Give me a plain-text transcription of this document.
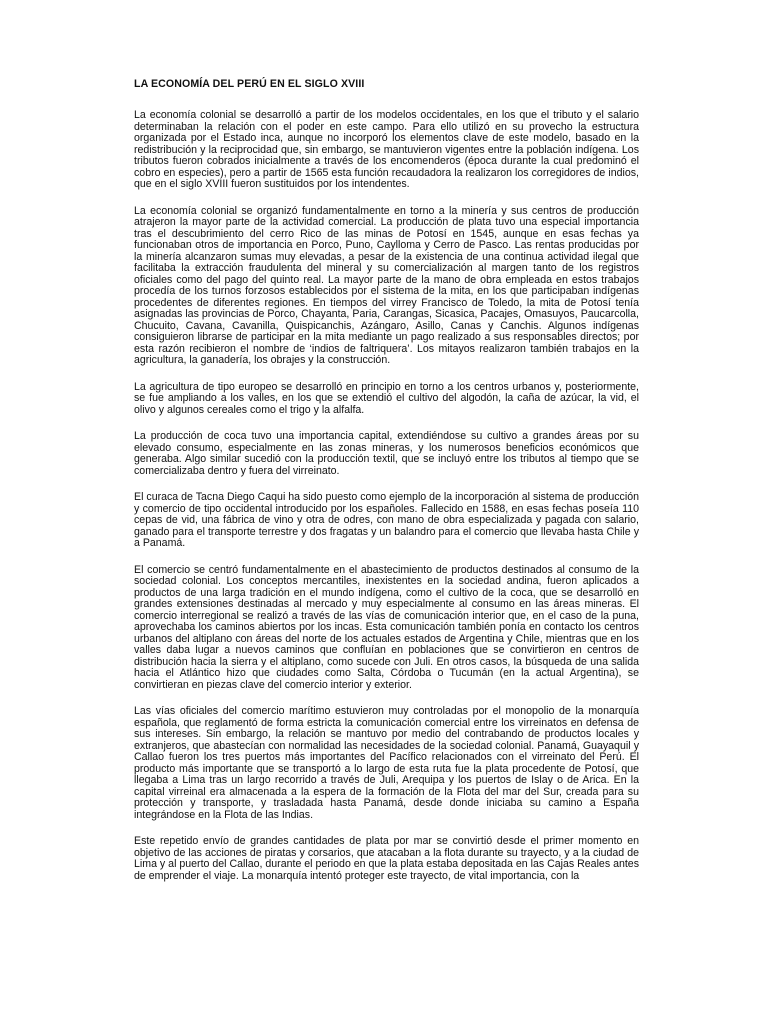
LA ECONOMÍA DEL PERÚ EN EL SIGLO XVIII

La economía colonial se desarrolló a partir de los modelos occidentales, en los que el tributo y el salario determinaban la relación con el poder en este campo. Para ello utilizó en su provecho la estructura organizada por el Estado inca, aunque no incorporó los elementos clave de este modelo, basado en la redistribución y la reciprocidad que, sin embargo, se mantuvieron vigentes entre la población indígena. Los tributos fueron cobrados inicialmente a través de los encomenderos (época durante la cual predominó el cobro en especies), pero a partir de 1565 esta función recaudadora la realizaron los corregidores de indios, que en el siglo XVIII fueron sustituidos por los intendentes.

La economía colonial se organizó fundamentalmente en torno a la minería y sus centros de producción atrajeron la mayor parte de la actividad comercial. La producción de plata tuvo una especial importancia tras el descubrimiento del cerro Rico de las minas de Potosí en 1545, aunque en esas fechas ya funcionaban otros de importancia en Porco, Puno, Caylloma y Cerro de Pasco. Las rentas producidas por la minería alcanzaron sumas muy elevadas, a pesar de la existencia de una continua actividad ilegal que facilitaba la extracción fraudulenta del mineral y su comercialización al margen tanto de los registros oficiales como del pago del quinto real. La mayor parte de la mano de obra empleada en estos trabajos procedía de los turnos forzosos establecidos por el sistema de la mita, en los que participaban indígenas procedentes de diferentes regiones. En tiempos del virrey Francisco de Toledo, la mita de Potosí tenía asignadas las provincias de Porco, Chayanta, Paria, Carangas, Sicasica, Pacajes, Omasuyos, Paucarcolla, Chucuito, Cavana, Cavanilla, Quispicanchis, Azángaro, Asillo, Canas y Canchis. Algunos indígenas consiguieron librarse de participar en la mita mediante un pago realizado a sus responsables directos; por esta razón recibieron el nombre de ‘indios de faltriquera’. Los mitayos realizaron también trabajos en la agricultura, la ganadería, los obrajes y la construcción.

La agricultura de tipo europeo se desarrolló en principio en torno a los centros urbanos y, posteriormente, se fue ampliando a los valles, en los que se extendió el cultivo del algodón, la caña de azúcar, la vid, el olivo y algunos cereales como el trigo y la alfalfa.

La producción de coca tuvo una importancia capital, extendiéndose su cultivo a grandes áreas por su elevado consumo, especialmente en las zonas mineras, y los numerosos beneficios económicos que generaba. Algo similar sucedió con la producción textil, que se incluyó entre los tributos al tiempo que se comercializaba dentro y fuera del virreinato.

El curaca de Tacna Diego Caqui ha sido puesto como ejemplo de la incorporación al sistema de producción y comercio de tipo occidental introducido por los españoles. Fallecido en 1588, en esas fechas poseía 110 cepas de vid, una fábrica de vino y otra de odres, con mano de obra especializada y pagada con salario, ganado para el transporte terrestre y dos fragatas y un balandro para el comercio que llevaba hasta Chile y a Panamá.

El comercio se centró fundamentalmente en el abastecimiento de productos destinados al consumo de la sociedad colonial. Los conceptos mercantiles, inexistentes en la sociedad andina, fueron aplicados a productos de una larga tradición en el mundo indígena, como el cultivo de la coca, que se desarrolló en grandes extensiones destinadas al mercado y muy especialmente al consumo en las áreas mineras. El comercio interregional se realizó a través de las vías de comunicación interior que, en el caso de la puna, aprovechaba los caminos abiertos por los incas. Esta comunicación también ponía en contacto los centros urbanos del altiplano con áreas del norte de los actuales estados de Argentina y Chile, mientras que en los valles daba lugar a nuevos caminos que confluían en poblaciones que se convirtieron en centros de distribución hacia la sierra y el altiplano, como sucede con Juli. En otros casos, la búsqueda de una salida hacia el Atlántico hizo que ciudades como Salta, Córdoba o Tucumán (en la actual Argentina), se convirtieran en piezas clave del comercio interior y exterior.

Las vías oficiales del comercio marítimo estuvieron muy controladas por el monopolio de la monarquía española, que reglamentó de forma estricta la comunicación comercial entre los virreinatos en defensa de sus intereses. Sin embargo, la relación se mantuvo por medio del contrabando de productos locales y extranjeros, que abastecían con normalidad las necesidades de la sociedad colonial. Panamá, Guayaquil y Callao fueron los tres puertos más importantes del Pacífico relacionados con el virreinato del Perú. El producto más importante que se transportó a lo largo de esta ruta fue la plata procedente de Potosí, que llegaba a Lima tras un largo recorrido a través de Juli, Arequipa y los puertos de Islay o de Arica. En la capital virreinal era almacenada a la espera de la formación de la Flota del mar del Sur, creada para su protección y transporte, y trasladada hasta Panamá, desde donde iniciaba su camino a España integrándose en la Flota de las Indias.

Este repetido envío de grandes cantidades de plata por mar se convirtió desde el primer momento en objetivo de las acciones de piratas y corsarios, que atacaban a la flota durante su trayecto, y a la ciudad de Lima y al puerto del Callao, durante el periodo en que la plata estaba depositada en las Cajas Reales antes de emprender el viaje. La monarquía intentó proteger este trayecto, de vital importancia, con la
